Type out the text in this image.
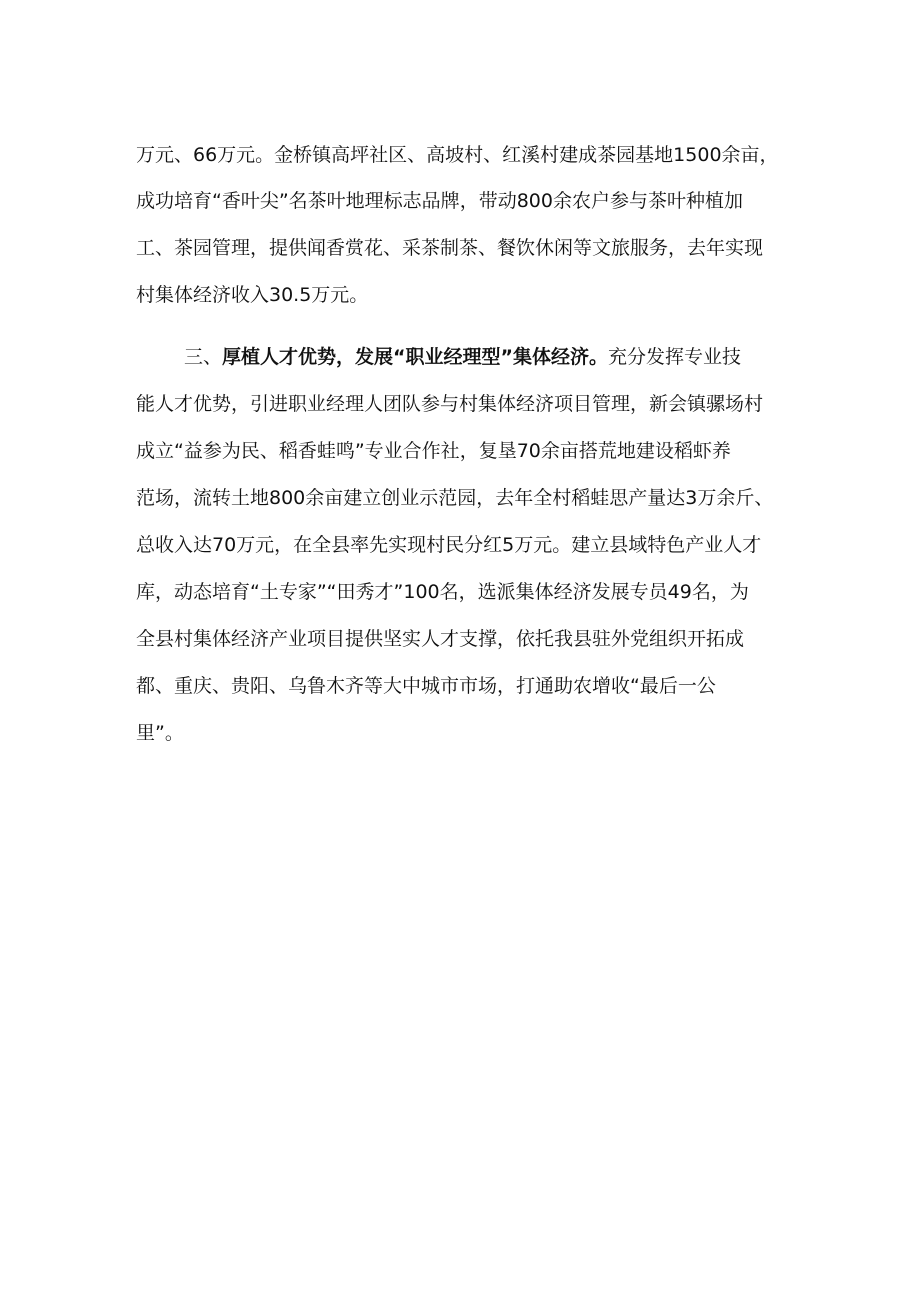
万元、66万元。金桥镇高坪社区、高坡村、红溪村建成茶园基地1500余亩，
成功培育“香叶尖”名茶叶地理标志品牌，带动800余农户参与茶叶种植加
工、茶园管理，提供闻香赏花、采茶制茶、餐饮休闲等文旅服务，去年实现
村集体经济收入30.5万元。
三、厚植人才优势，发展“职业经理型”集体经济。充分发挥专业技
能人才优势，引进职业经理人团队参与村集体经济项目管理，新会镇骡场村
成立“益参为民、稻香蛙鸣”专业合作社，复垦70余亩搭荒地建设稻虾养
范场，流转土地800余亩建立创业示范园，去年全村稻蛙思产量达3万余斤、
总收入达70万元，在全县率先实现村民分红5万元。建立县域特色产业人才
库，动态培育“土专家”“田秀才”100名，选派集体经济发展专员49名，为
全县村集体经济产业项目提供坚实人才支撑，依托我县驻外党组织开拓成
都、重庆、贵阳、乌鲁木齐等大中城市市场，打通助农增收“最后一公
里”。
